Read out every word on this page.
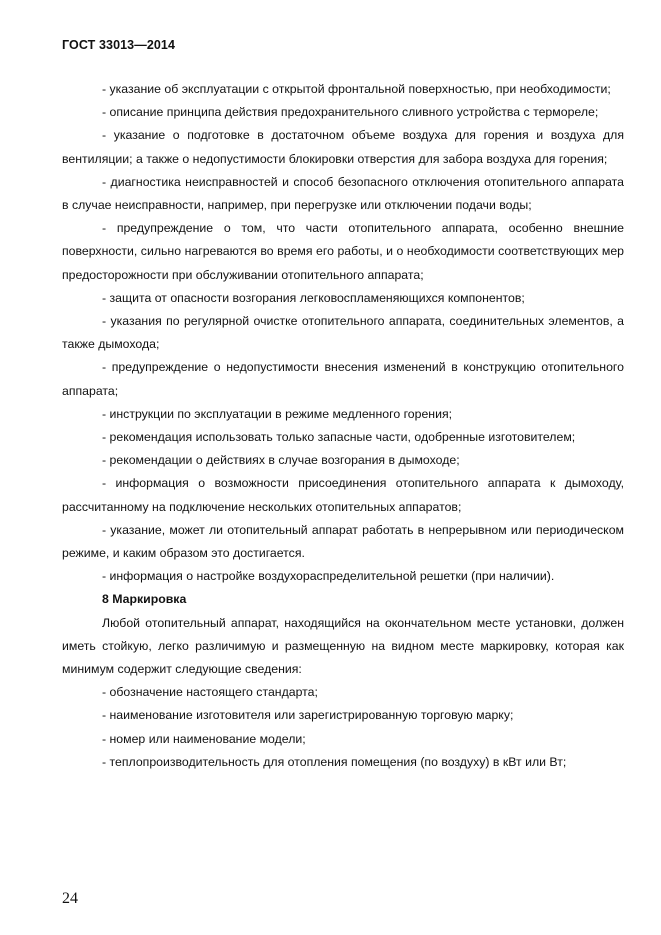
ГОСТ 33013—2014

- указание об эксплуатации с открытой фронтальной поверхностью, при необходимости;

- описание принципа действия предохранительного сливного устройства с термореле;

- указание о подготовке в достаточном объеме воздуха для горения и воздуха для вентиляции; а также о недопустимости блокировки отверстия для забора воздуха для горения;

- диагностика неисправностей и способ безопасного отключения отопительного аппарата в случае неисправности, например, при перегрузке или отключении подачи воды;

- предупреждение о том, что части отопительного аппарата, особенно внешние поверхности, сильно нагреваются во время его работы, и о необходимости соответствующих мер предосторожности при обслуживании отопительного аппарата;

- защита от опасности возгорания легковоспламеняющихся компонентов;

- указания по регулярной очистке отопительного аппарата, соединительных элементов, а также дымохода;

- предупреждение о недопустимости внесения изменений в конструкцию отопительного аппарата;

- инструкции по эксплуатации в режиме медленного горения;

- рекомендация использовать только запасные части, одобренные изготовителем;

- рекомендации о действиях в случае возгорания в дымоходе;

- информация о возможности присоединения отопительного аппарата к дымоходу, рассчитанному на подключение нескольких отопительных аппаратов;

- указание, может ли отопительный аппарат работать в непрерывном или периодическом режиме, и каким образом это достигается.

- информация о настройке воздухораспределительной решетки (при наличии).

8 Маркировка

Любой отопительный аппарат, находящийся на окончательном месте установки, должен иметь стойкую, легко различимую и размещенную на видном месте маркировку, которая как минимум содержит следующие сведения:

- обозначение настоящего стандарта;

- наименование изготовителя или зарегистрированную торговую марку;

- номер или наименование модели;

- теплопроизводительность для отопления помещения (по воздуху) в кВт или Вт;

24
